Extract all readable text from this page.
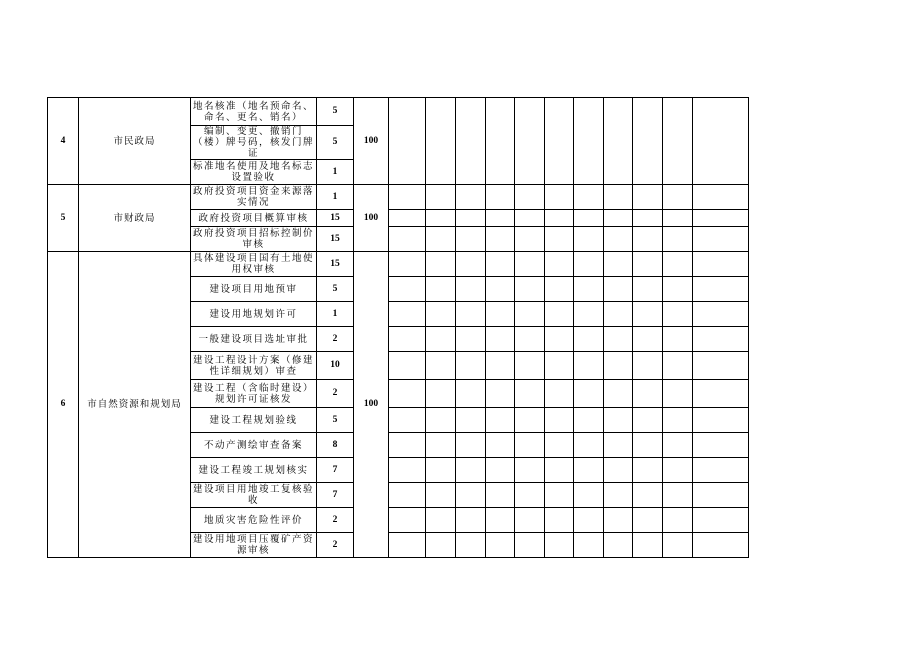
4	市民政局	地名核准（地名预命名、命名、更名、销名）	5	100											
		编制、变更、撤销门（楼）牌号码，核发门牌证	5												
		标准地名使用及地名标志设置验收	1												
5	市财政局	政府投资项目资金来源落实情况	1	100											
		政府投资项目概算审核	15												
		政府投资项目招标控制价审核	15												
6	市自然资源和规划局	具体建设项目国有土地使用权审核	15	100											
		建设项目用地预审	5												
		建设用地规划许可	1												
		一般建设项目选址审批	2												
		建设工程设计方案（修建性详细规划）审查	10												
		建设工程（含临时建设）规划许可证核发	2												
		建设工程规划验线	5												
		不动产测绘审查备案	8												
		建设工程竣工规划核实	7												
		建设项目用地竣工复核验收	7												
		地质灾害危险性评价	2												
		建设用地项目压覆矿产资源审核	2												
